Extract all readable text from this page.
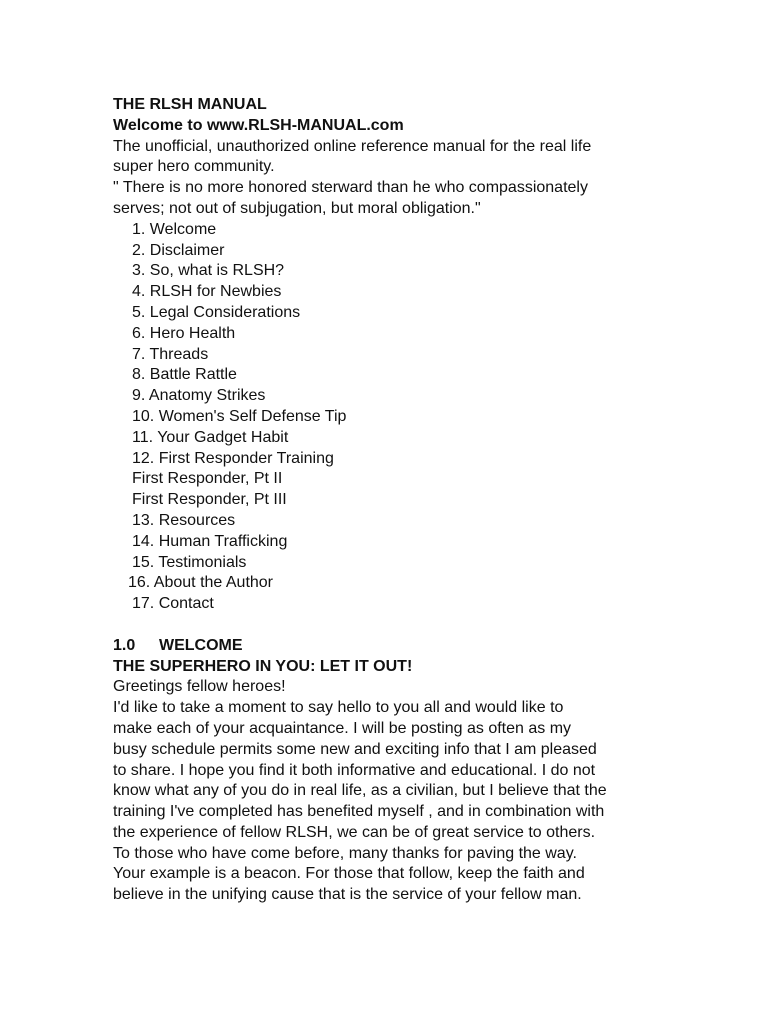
THE RLSH MANUAL
Welcome to www.RLSH-MANUAL.com
The unofficial, unauthorized online reference manual for the real life
super hero community.
" There is no more honored sterward than he who compassionately
serves; not out of subjugation, but moral obligation."
1. Welcome
2. Disclaimer
3. So, what is RLSH?
4. RLSH for Newbies
5. Legal Considerations
6. Hero Health
7. Threads
8. Battle Rattle
9. Anatomy Strikes
10. Women's Self Defense Tip
11. Your Gadget Habit
12. First Responder Training
First Responder, Pt II
First Responder, Pt III
13. Resources
14. Human Trafficking
15. Testimonials
16. About the Author
17. Contact
1.0 WELCOME
THE SUPERHERO IN YOU: LET IT OUT!
Greetings fellow heroes!
I'd like to take a moment to say hello to you all and would like to
make each of your acquaintance. I will be posting as often as my
busy schedule permits some new and exciting info that I am pleased
to share. I hope you find it both informative and educational. I do not
know what any of you do in real life, as a civilian, but I believe that the
training I've completed has benefited myself , and in combination with
the experience of fellow RLSH, we can be of great service to others.
To those who have come before, many thanks for paving the way.
Your example is a beacon. For those that follow, keep the faith and
believe in the unifying cause that is the service of your fellow man.
